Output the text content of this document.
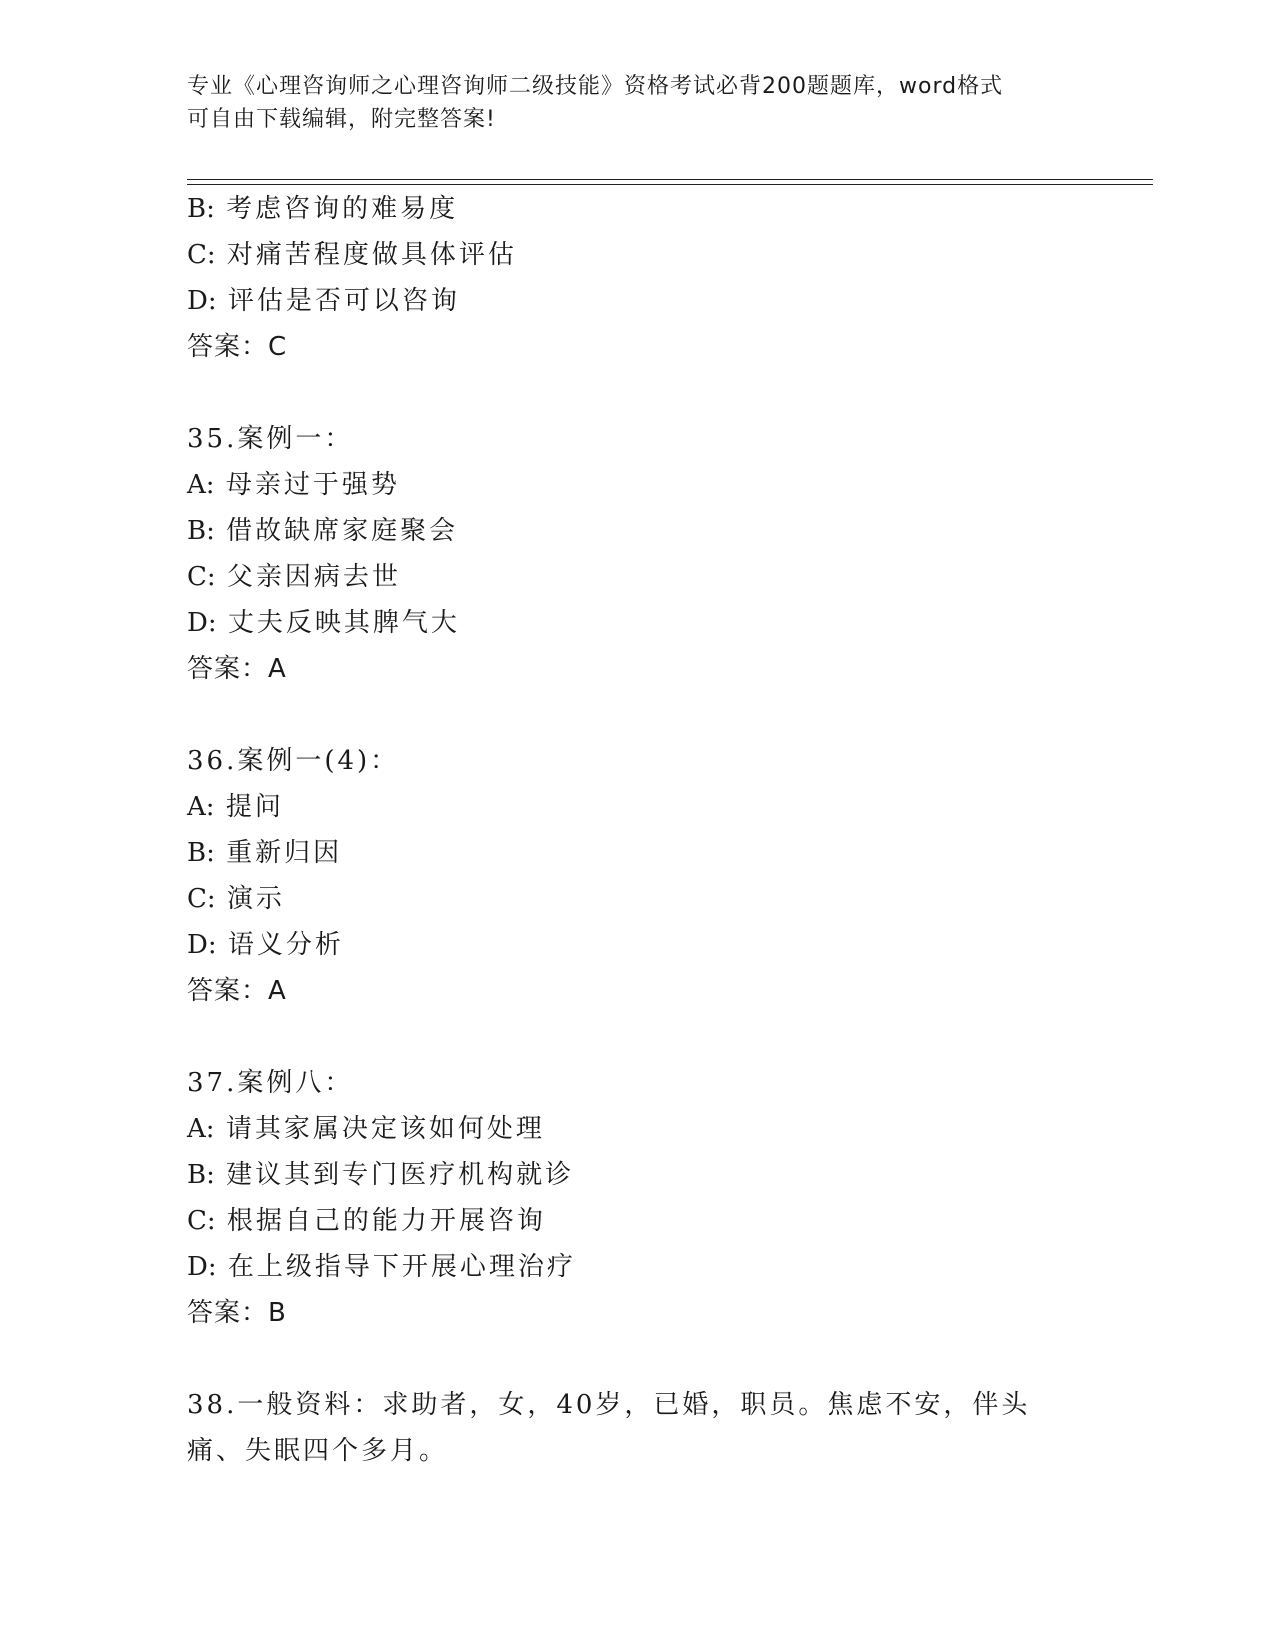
专业《心理咨询师之心理咨询师二级技能》资格考试必背200题题库，word格式
可自由下载编辑，附完整答案!
B: 考虑咨询的难易度
C: 对痛苦程度做具体评估
D: 评估是否可以咨询
答案：C
35.案例一：
A: 母亲过于强势
B: 借故缺席家庭聚会
C: 父亲因病去世
D: 丈夫反映其脾气大
答案：A
36.案例一(4)：
A: 提问
B: 重新归因
C: 演示
D: 语义分析
答案：A
37.案例八：
A: 请其家属决定该如何处理
B: 建议其到专门医疗机构就诊
C: 根据自己的能力开展咨询
D: 在上级指导下开展心理治疗
答案：B
38.一般资料：求助者，女，40岁，已婚，职员。焦虑不安，伴头痛、失眠四个多月。
